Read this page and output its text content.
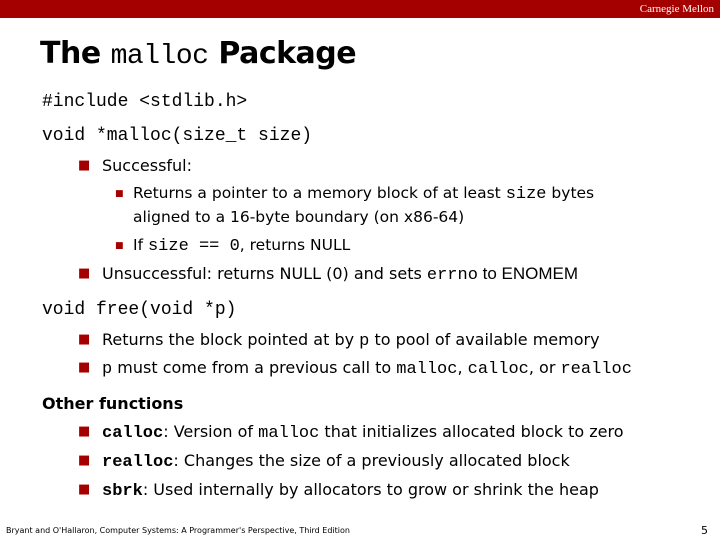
Carnegie Mellon
The malloc Package
#include <stdlib.h>
void *malloc(size_t size)
■ Successful:
■ Returns a pointer to a memory block of at least size bytes
aligned to a 16-byte boundary (on x86-64)
■ If size == 0, returns NULL
■ Unsuccessful: returns NULL (0) and sets errno to ENOMEM
void free(void *p)
■ Returns the block pointed at by p to pool of available memory
■ p must come from a previous call to malloc, calloc, or realloc
Other functions
■ calloc: Version of malloc that initializes allocated block to zero
■ realloc: Changes the size of a previously allocated block
■ sbrk: Used internally by allocators to grow or shrink the heap
Bryant and O'Hallaron, Computer Systems: A Programmer's Perspective, Third Edition	5
